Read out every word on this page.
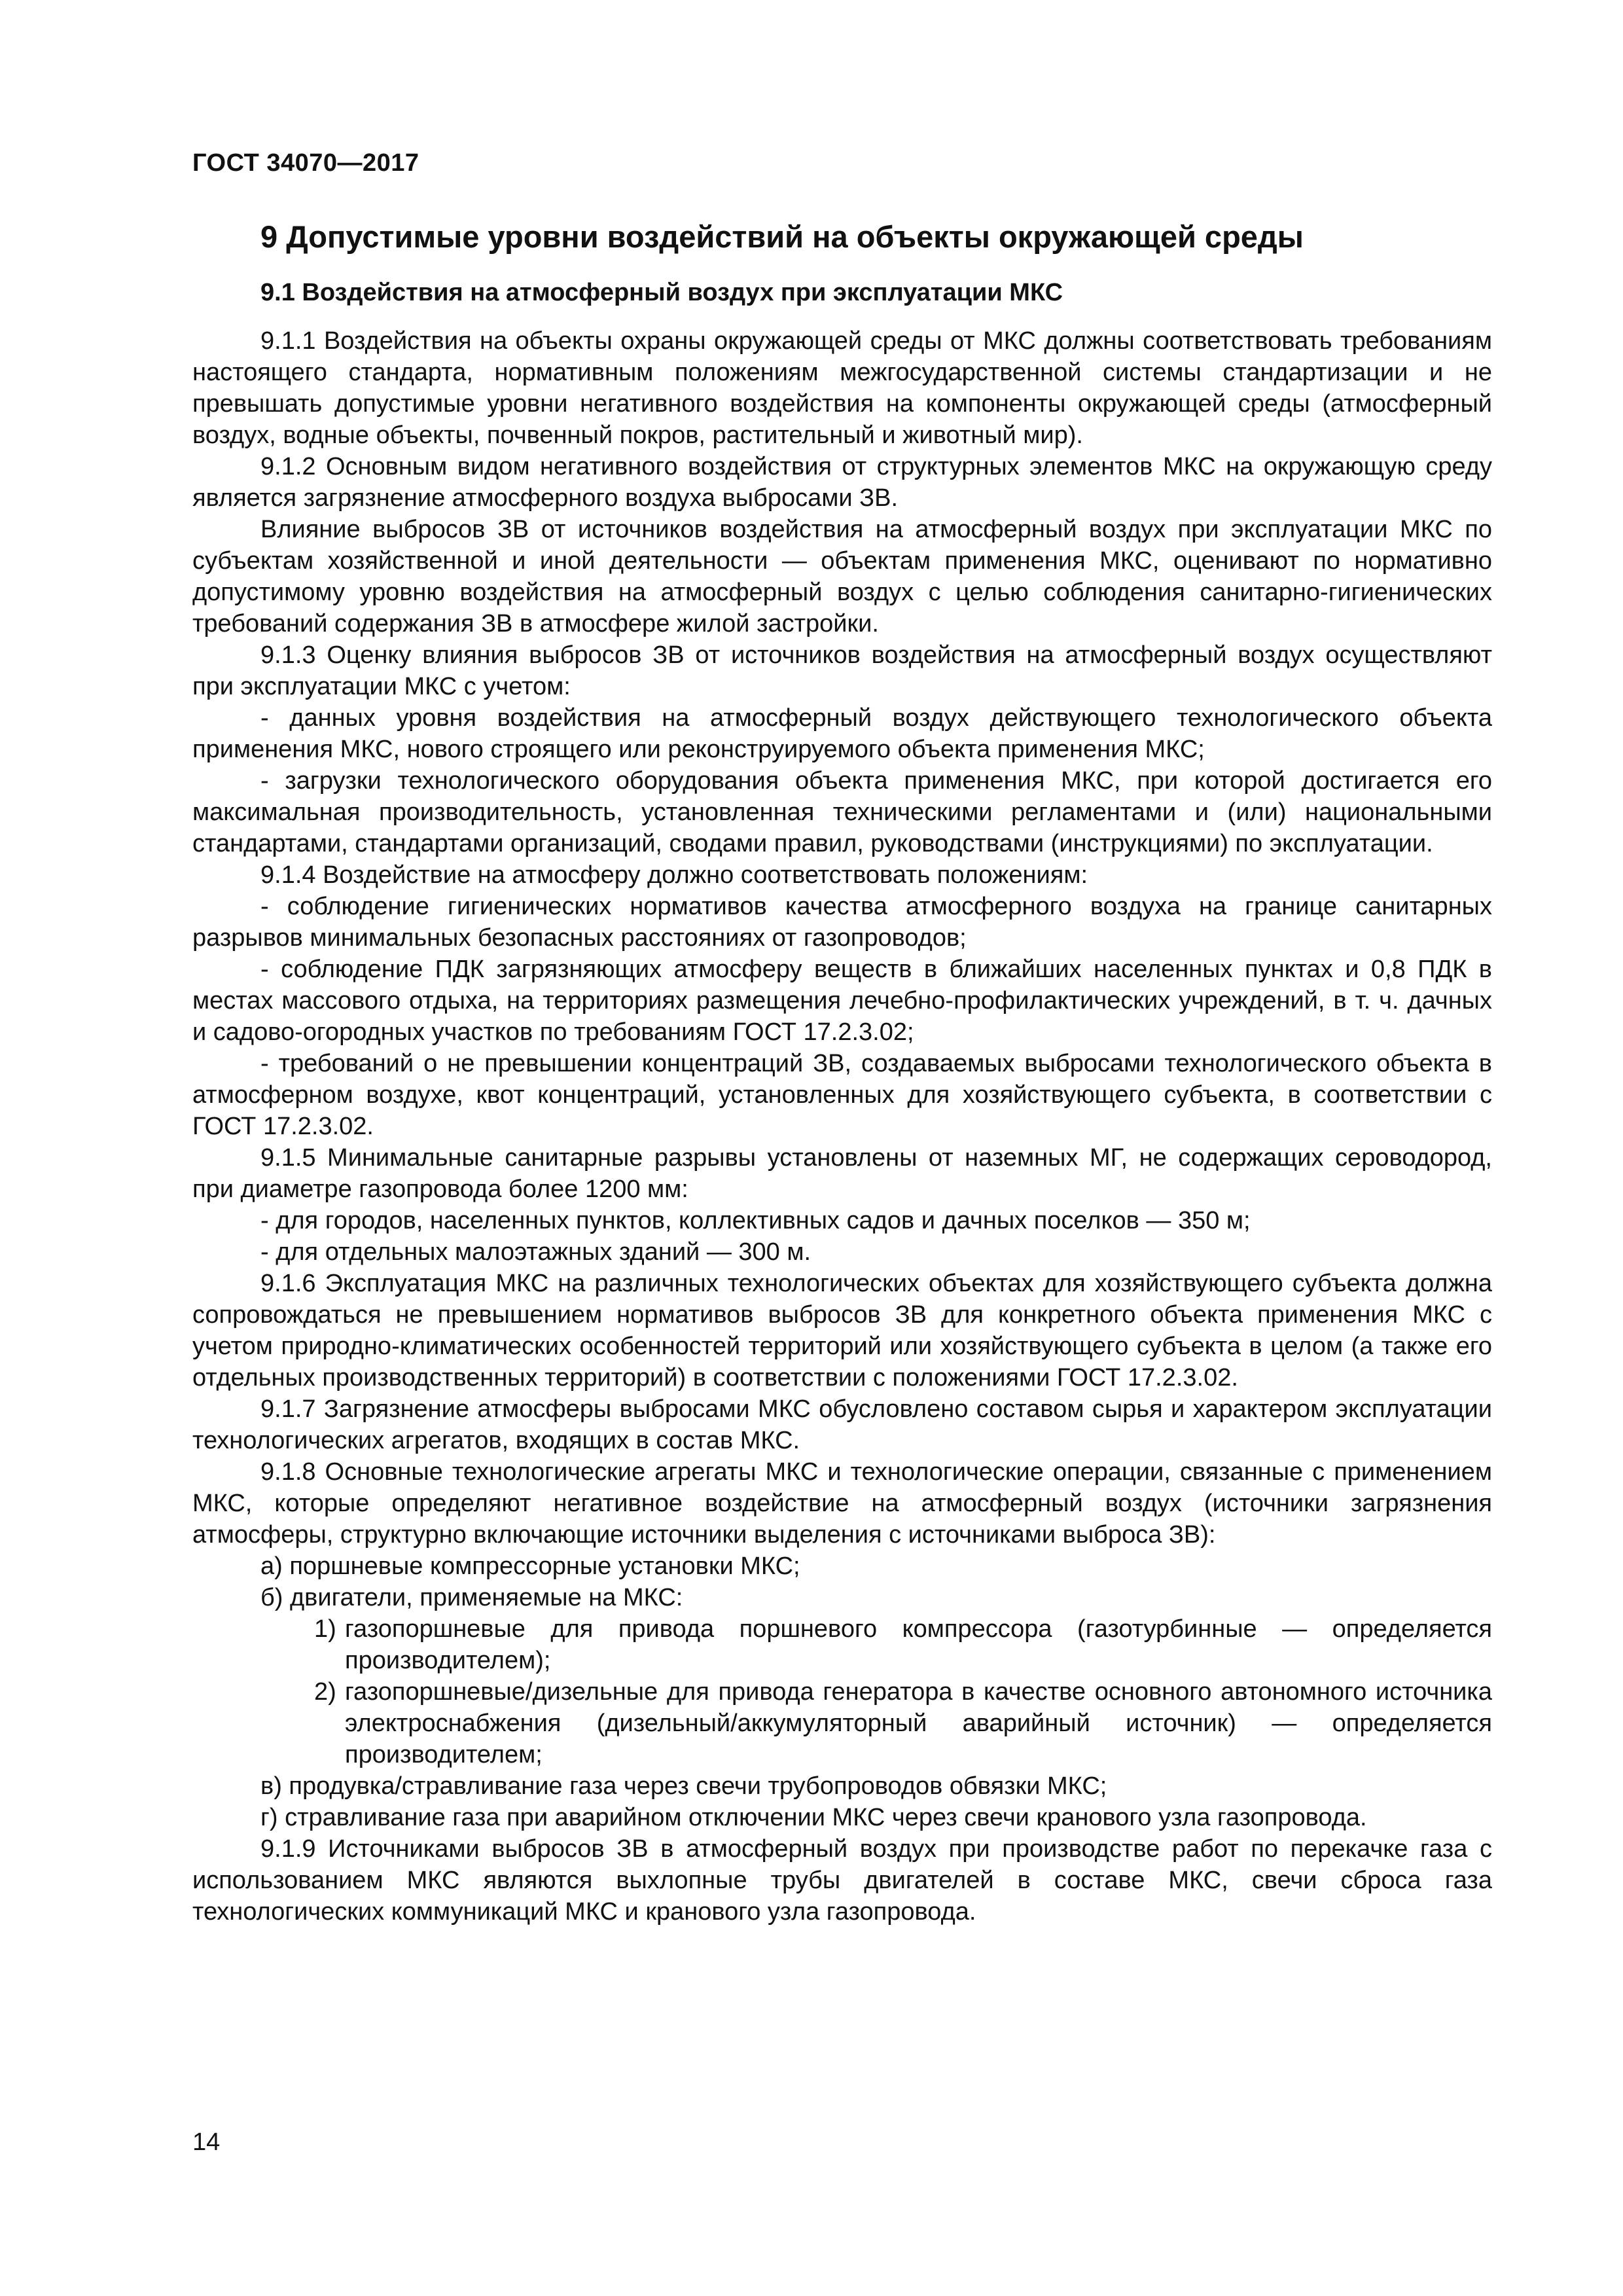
ГОСТ 34070—2017
9 Допустимые уровни воздействий на объекты окружающей среды
9.1 Воздействия на атмосферный воздух при эксплуатации МКС

9.1.1 Воздействия на объекты охраны окружающей среды от МКС должны соответствовать требованиям настоящего стандарта, нормативным положениям межгосударственной системы стандартизации и не превышать допустимые уровни негативного воздействия на компоненты окружающей среды (атмосферный воздух, водные объекты, почвенный покров, растительный и животный мир).

9.1.2 Основным видом негативного воздействия от структурных элементов МКС на окружающую среду является загрязнение атмосферного воздуха выбросами ЗВ.

Влияние выбросов ЗВ от источников воздействия на атмосферный воздух при эксплуатации МКС по субъектам хозяйственной и иной деятельности — объектам применения МКС, оценивают по нормативно допустимому уровню воздействия на атмосферный воздух с целью соблюдения санитарно-гигиенических требований содержания ЗВ в атмосфере жилой застройки.

9.1.3 Оценку влияния выбросов ЗВ от источников воздействия на атмосферный воздух осуществляют при эксплуатации МКС с учетом:

- данных уровня воздействия на атмосферный воздух действующего технологического объекта применения МКС, нового строящего или реконструируемого объекта применения МКС;

- загрузки технологического оборудования объекта применения МКС, при которой достигается его максимальная производительность, установленная техническими регламентами и (или) национальными стандартами, стандартами организаций, сводами правил, руководствами (инструкциями) по эксплуатации.

9.1.4 Воздействие на атмосферу должно соответствовать положениям:

- соблюдение гигиенических нормативов качества атмосферного воздуха на границе санитарных разрывов минимальных безопасных расстояниях от газопроводов;

- соблюдение ПДК загрязняющих атмосферу веществ в ближайших населенных пунктах и 0,8 ПДК в местах массового отдыха, на территориях размещения лечебно-профилактических учреждений, в т. ч. дачных и садово-огородных участков по требованиям ГОСТ 17.2.3.02;

- требований о не превышении концентраций ЗВ, создаваемых выбросами технологического объекта в атмосферном воздухе, квот концентраций, установленных для хозяйствующего субъекта, в соответствии с ГОСТ 17.2.3.02.

9.1.5 Минимальные санитарные разрывы установлены от наземных МГ, не содержащих сероводород, при диаметре газопровода более 1200 мм:

- для городов, населенных пунктов, коллективных садов и дачных поселков — 350 м;

- для отдельных малоэтажных зданий — 300 м.

9.1.6 Эксплуатация МКС на различных технологических объектах для хозяйствующего субъекта должна сопровождаться не превышением нормативов выбросов ЗВ для конкретного объекта применения МКС с учетом природно-климатических особенностей территорий или хозяйствующего субъекта в целом (а также его отдельных производственных территорий) в соответствии с положениями ГОСТ 17.2.3.02.

9.1.7 Загрязнение атмосферы выбросами МКС обусловлено составом сырья и характером эксплуатации технологических агрегатов, входящих в состав МКС.

9.1.8 Основные технологические агрегаты МКС и технологические операции, связанные с применением МКС, которые определяют негативное воздействие на атмосферный воздух (источники загрязнения атмосферы, структурно включающие источники выделения с источниками выброса ЗВ):

а) поршневые компрессорные установки МКС;

б) двигатели, применяемые на МКС:

1) газопоршневые для привода поршневого компрессора (газотурбинные — определяется производителем);

2) газопоршневые/дизельные для привода генератора в качестве основного автономного источника электроснабжения (дизельный/аккумуляторный аварийный источник) — определяется производителем;

в) продувка/стравливание газа через свечи трубопроводов обвязки МКС;

г) стравливание газа при аварийном отключении МКС через свечи кранового узла газопровода.

9.1.9 Источниками выбросов ЗВ в атмосферный воздух при производстве работ по перекачке газа с использованием МКС являются выхлопные трубы двигателей в составе МКС, свечи сброса газа технологических коммуникаций МКС и кранового узла газопровода.

14
